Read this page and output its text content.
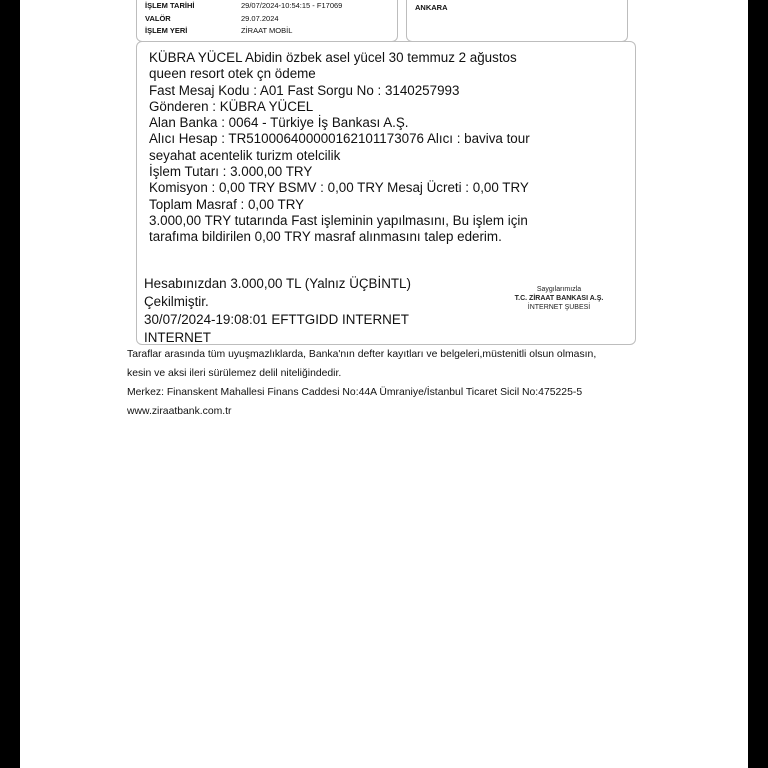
İŞLEM TARİHİ	29/07/2024-10:54:15 - F17069
VALÖR	29.07.2024
İŞLEM YERİ	ZİRAAT MOBİL
ANKARA
KÜBRA YÜCEL Abidin özbek asel yücel 30 temmuz 2 ağustos
queen resort otek çn ödeme
Fast Mesaj Kodu : A01 Fast Sorgu No : 3140257993
Gönderen : KÜBRA YÜCEL
Alan Banka : 0064 - Türkiye İş Bankası A.Ş.
Alıcı Hesap : TR510006400000162101173076 Alıcı : baviva tour
seyahat acentelik turizm otelcilik
İşlem Tutarı : 3.000,00 TRY
Komisyon : 0,00 TRY BSMV : 0,00 TRY Mesaj Ücreti : 0,00 TRY
Toplam Masraf : 0,00 TRY
3.000,00 TRY tutarında Fast işleminin yapılmasını, Bu işlem için
tarafıma bildirilen 0,00 TRY masraf alınmasını talep ederim.
Hesabınızdan 3.000,00 TL (Yalnız ÜÇBİNTL)
Çekilmiştir.
30/07/2024-19:08:01 EFTTGIDD INTERNET
INTERNET
Saygılarımızla
T.C. ZİRAAT BANKASI A.Ş.
İNTERNET ŞUBESİ
Taraflar arasında tüm uyuşmazlıklarda, Banka'nın defter kayıtları ve belgeleri,müstenitli olsun olmasın,
kesin ve aksi ileri sürülemez delil niteliğindedir.
Merkez: Finanskent Mahallesi Finans Caddesi No:44A Ümraniye/İstanbul Ticaret Sicil No:475225-5
www.ziraatbank.com.tr
